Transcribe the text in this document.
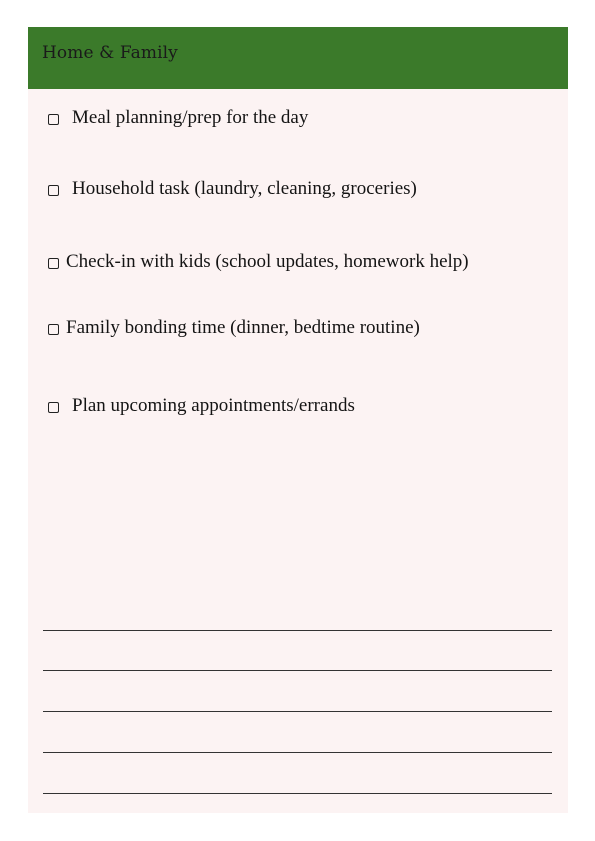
Home & Family
Meal planning/prep for the day
Household task (laundry, cleaning, groceries)
Check-in with kids (school updates, homework help)
Family bonding time (dinner, bedtime routine)
Plan upcoming appointments/errands
